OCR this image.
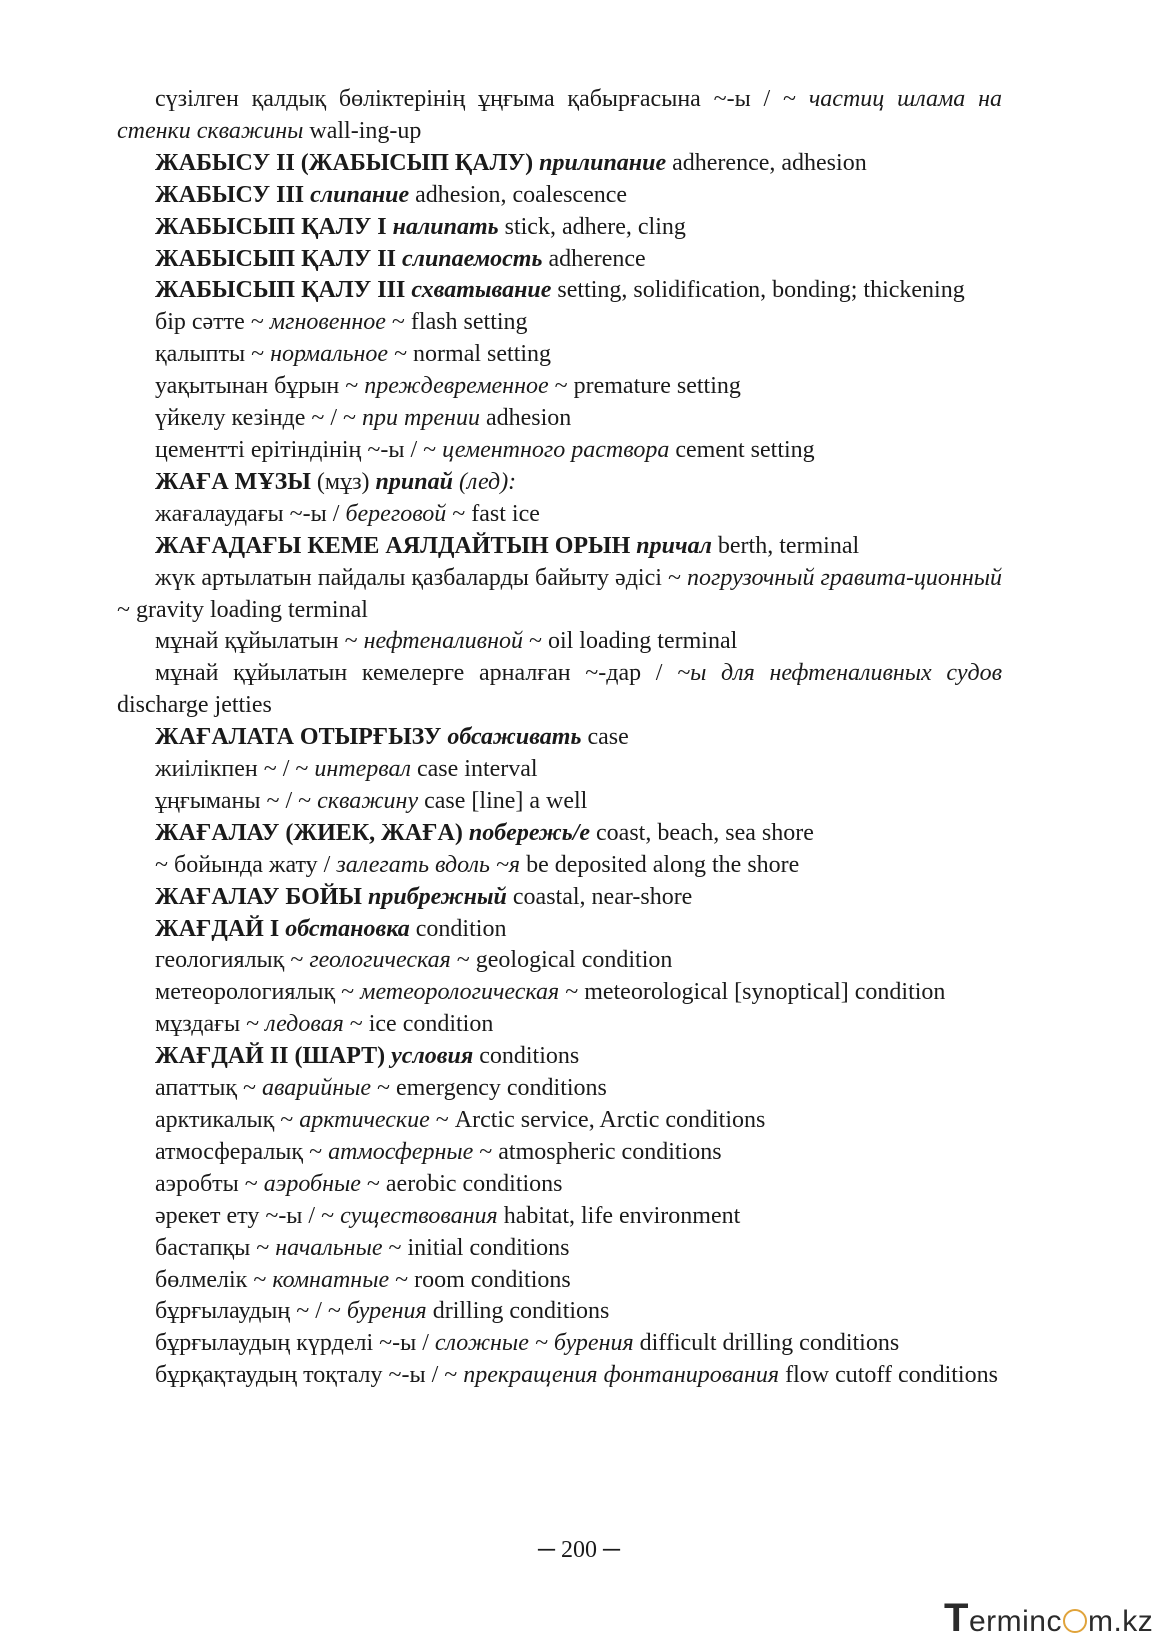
сүзілген қалдық бөліктерінің ұңғыма қабырғасына ~-ы / ~ частиц шлама на стенки скважины wall-ing-up

ЖАБЫСУ II (ЖАБЫСЫП ҚАЛУ) прилипание adherence, adhesion

ЖАБЫСУ III слипание adhesion, coalescence

ЖАБЫСЫП ҚАЛУ I налипать stick, adhere, cling

ЖАБЫСЫП ҚАЛУ II слипаемость adherence

ЖАБЫСЫП ҚАЛУ III схватывание setting, solidification, bonding; thickening

бір сәтте ~ мгновенное ~ flash setting

қалыпты ~ нормальное ~ normal setting

уақытынан бұрын ~ преждевременное ~ premature setting

үйкелу кезінде ~ / ~ при трении adhesion

цементті ерітіндінің ~-ы / ~ цементного раствора cement setting

ЖАҒА МҰЗЫ (мұз) припай (лед):

жағалаудағы ~-ы / береговой ~ fast ice

ЖАҒАДАҒЫ КЕМЕ АЯЛДАЙТЫН ОРЫН причал berth, terminal

жүк артылатын пайдалы қазбаларды байыту әдісі ~ погрузочный гравита-ционный ~ gravity loading terminal

мұнай құйылатын ~ нефтеналивной ~ oil loading terminal

мұнай құйылатын кемелерге арналған ~-дар / ~ы для нефтеналивных судов discharge jetties

ЖАҒАЛАТА ОТЫРҒЫЗУ обсаживать case

жиілікпен ~ / ~ интервал case interval

ұңғыманы ~ / ~ скважину case [line] a well

ЖАҒАЛАУ (ЖИЕК, ЖАҒА) побережь/е coast, beach, sea shore

~ бойында жату / залегать вдоль ~я be deposited along the shore

ЖАҒАЛАУ БОЙЫ прибрежный coastal, near-shore

ЖАҒДАЙ I обстановка condition

геологиялық ~ геологическая ~ geological condition

метеорологиялық ~ метеорологическая ~ meteorological [synoptical] condition

мұздағы ~ ледовая ~ ice condition

ЖАҒДАЙ II (ШАРТ) условия conditions

апаттық ~ аварийные ~ emergency conditions

арктикалық ~ арктические ~ Arctic service, Arctic conditions

атмосфералық ~ атмосферные ~ atmospheric conditions

аэробты ~ аэробные ~ aerobic conditions

әрекет ету ~-ы / ~ существования habitat, life environment

бастапқы ~ начальные ~ initial conditions

бөлмелік ~ комнатные ~ room conditions

бұрғылаудың ~ / ~ бурения drilling conditions

бұрғылаудың күрделі ~-ы / сложные ~ бурения difficult drilling conditions

бұрқақтаудың тоқталу ~-ы / ~ прекращения фонтанирования flow cutoff conditions

─ 200 ─
Terminc m.kz
